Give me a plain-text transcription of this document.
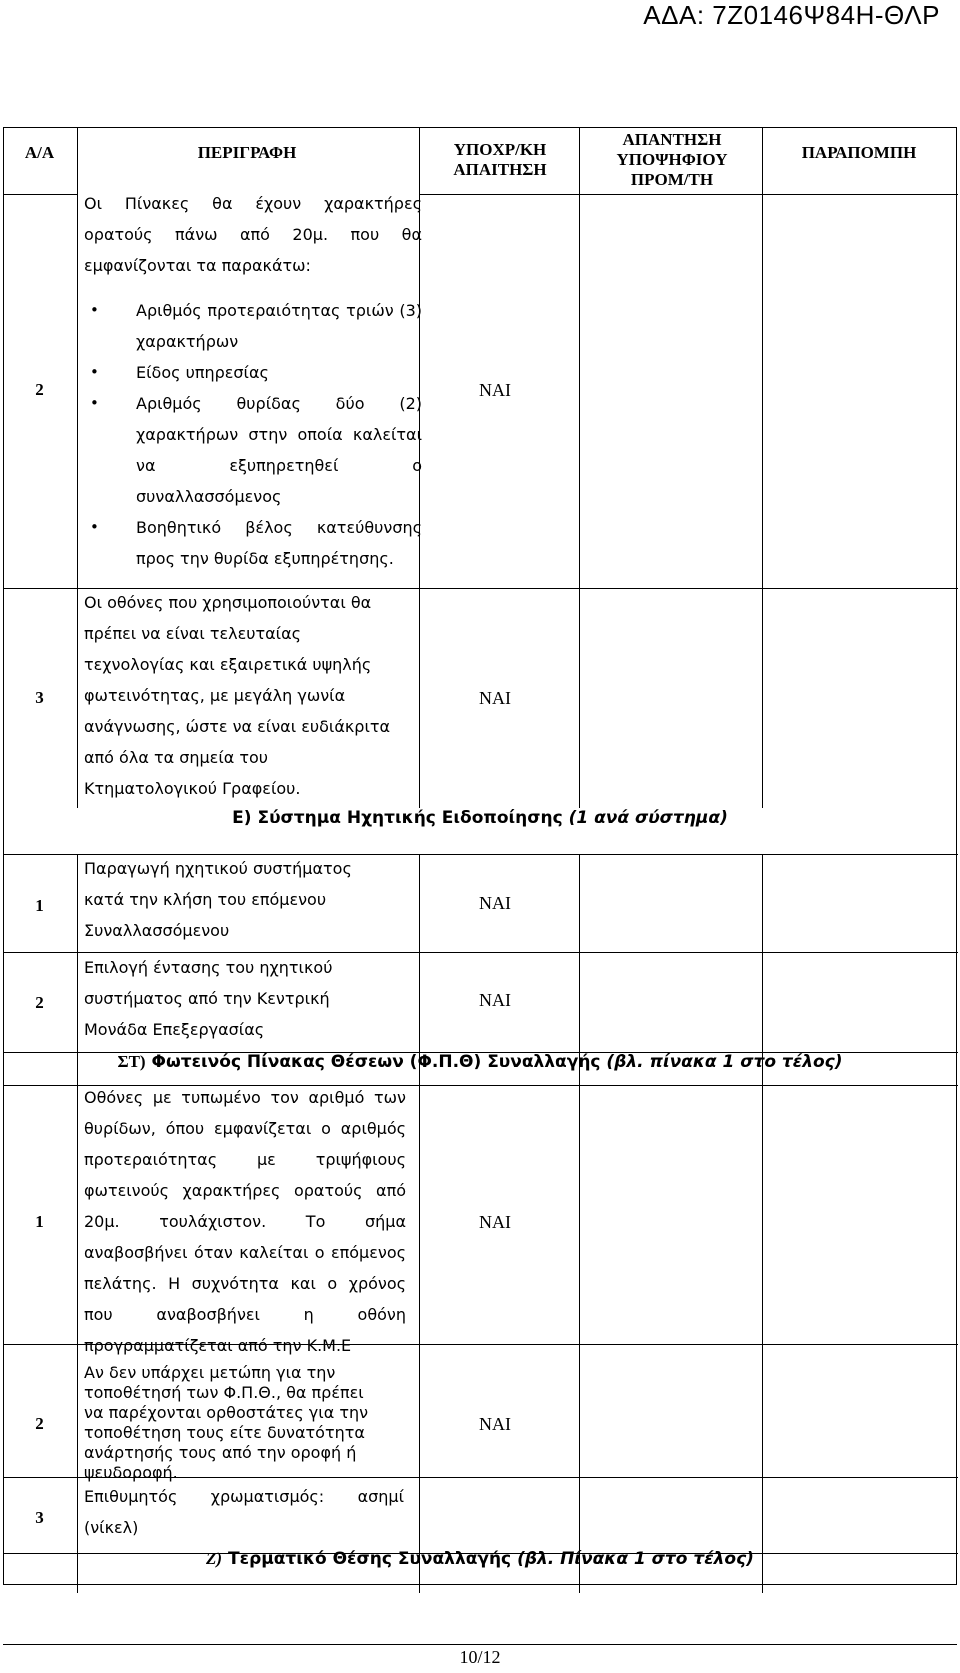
ΑΔΑ: 7Ζ0146Ψ84Η-ΘΛΡ
Α/Α	ΠΕΡΙΓΡΑΦΗ	ΥΠΟΧΡ/ΚΗ ΑΠΑΙΤΗΣΗ
ΑΠΑΝΤΗΣΗ ΥΠΟΨΗΦΙΟΥ ΠΡΟΜ/ΤΗ
ΠΑΡΑΠΟΜΠΗ
2
Οι Πίνακες θα έχουν χαρακτήρες ορατούς πάνω από 20μ. που θα εμφανίζονται τα παρακάτω:
• Αριθμός προτεραιότητας τριών (3) χαρακτήρων
• Είδος υπηρεσίας
• Αριθμός θυρίδας δύο (2) χαρακτήρων στην οποία καλείται να εξυπηρετηθεί ο συναλλασσόμενος
• Βοηθητικό βέλος κατεύθυνσης προς την θυρίδα εξυπηρέτησης.
ΝΑΙ
3
Οι οθόνες που χρησιμοποιούνται θα πρέπει να είναι τελευταίας τεχνολογίας και εξαιρετικά υψηλής φωτεινότητας, με μεγάλη γωνία ανάγνωσης, ώστε να είναι ευδιάκριτα από όλα τα σημεία του Κτηματολογικού Γραφείου.
ΝΑΙ
Ε) Σύστημα Ηχητικής Ειδοποίησης (1 ανά σύστημα)
1
Παραγωγή ηχητικού συστήματος κατά την κλήση του επόμενου Συναλλασσόμενου
ΝΑΙ
2
Επιλογή έντασης του ηχητικού συστήματος από την Κεντρική Μονάδα Επεξεργασίας
ΝΑΙ
ΣΤ) Φωτεινός Πίνακας Θέσεων (Φ.Π.Θ) Συναλλαγής (βλ. πίνακα 1 στο τέλος)
1
Οθόνες με τυπωμένο τον αριθμό των θυρίδων, όπου εμφανίζεται ο αριθμός προτεραιότητας με τριψήφιους φωτεινούς χαρακτήρες ορατούς από 20μ. τουλάχιστον. Το σήμα αναβοσβήνει όταν καλείται ο επόμενος πελάτης. Η συχνότητα και ο χρόνος που αναβοσβήνει η οθόνη προγραμματίζεται από την Κ.Μ.Ε
ΝΑΙ
2
Αν δεν υπάρχει μετώπη για την τοποθέτησή των Φ.Π.Θ., θα πρέπει να παρέχονται ορθοστάτες για την τοποθέτηση τους είτε δυνατότητα ανάρτησής τους από την οροφή ή ψευδοροφή.
ΝΑΙ
3
Επιθυμητός χρωματισμός: ασημί (νίκελ)
Ζ) Τερματικό Θέσης Συναλλαγής (βλ. Πίνακα 1 στο τέλος)
10/12
